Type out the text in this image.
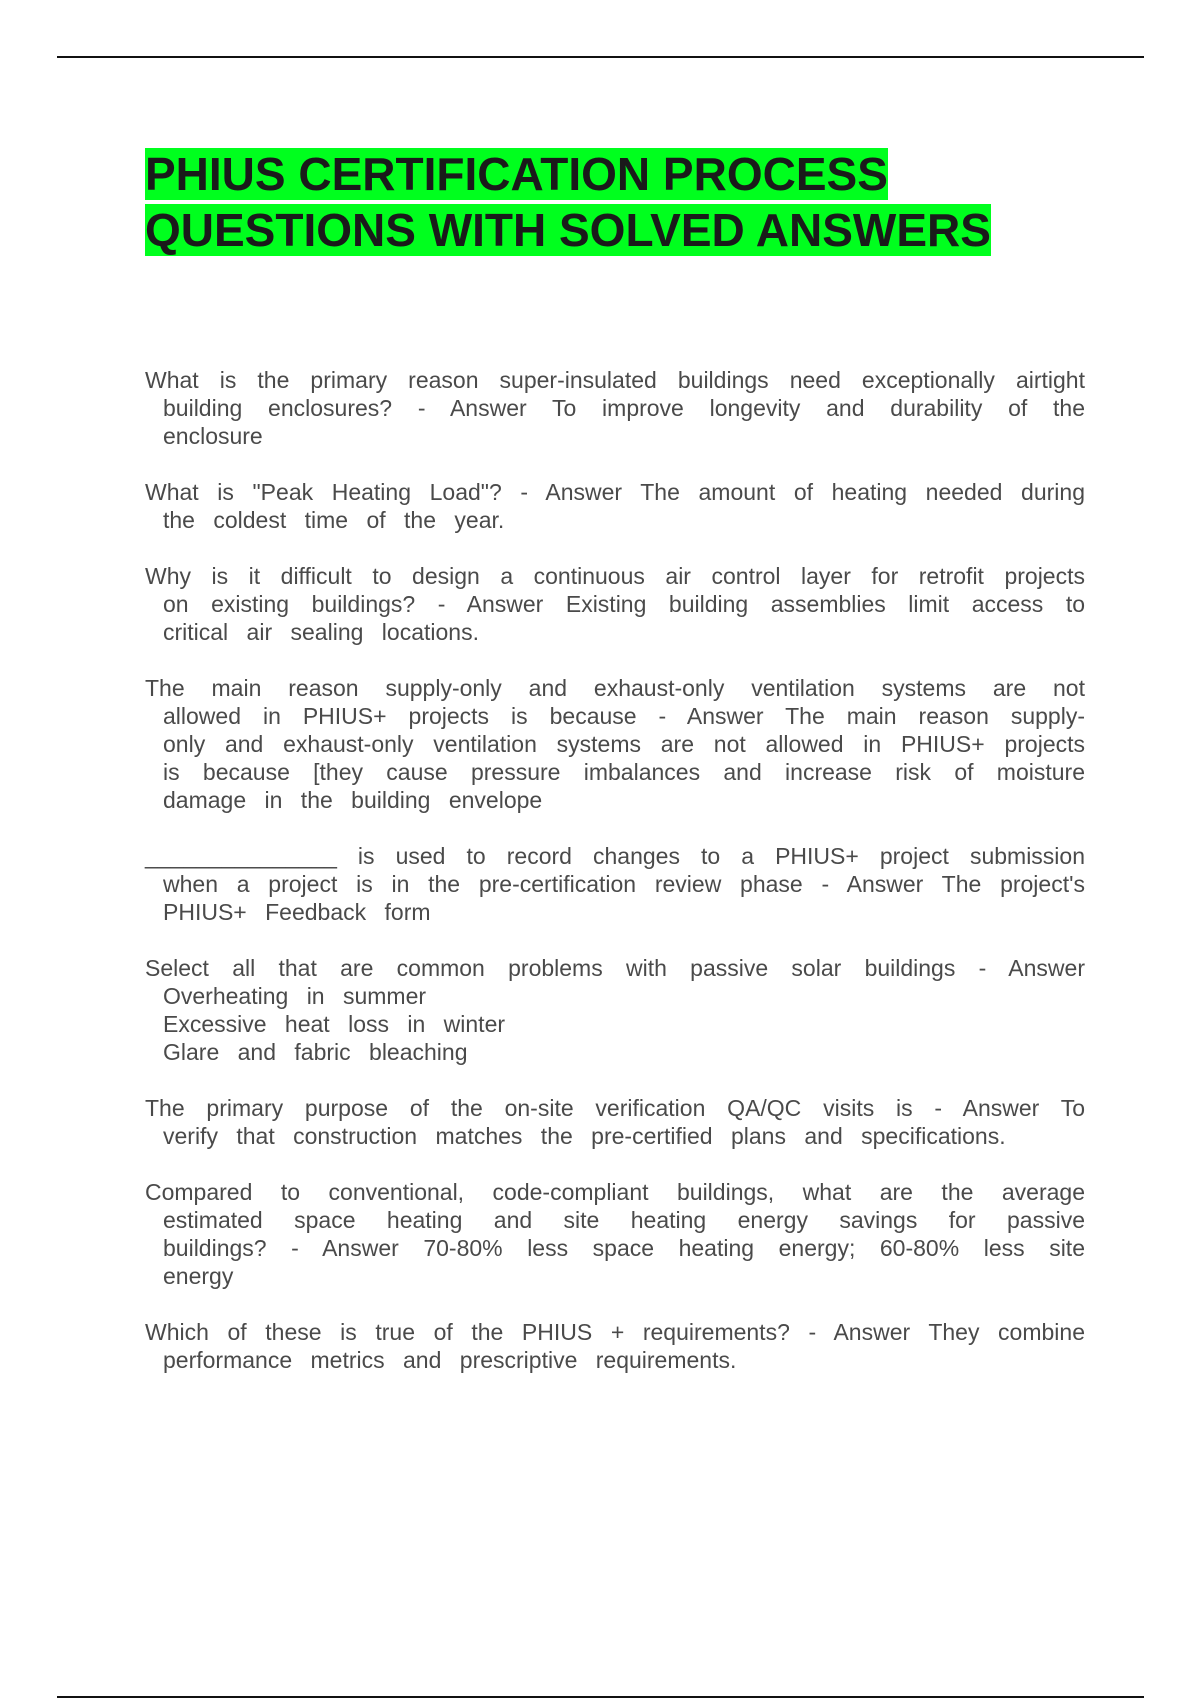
PHIUS CERTIFICATION PROCESS
QUESTIONS WITH SOLVED ANSWERS

What is the primary reason super-insulated buildings need exceptionally airtight building enclosures? - Answer To improve longevity and durability of the enclosure

What is "Peak Heating Load"? - Answer The amount of heating needed during the coldest time of the year.

Why is it difficult to design a continuous air control layer for retrofit projects on existing buildings? - Answer Existing building assemblies limit access to critical air sealing locations.

The main reason supply-only and exhaust-only ventilation systems are not allowed in PHIUS+ projects is because - Answer The main reason supply-only and exhaust-only ventilation systems are not allowed in PHIUS+ projects is because [they cause pressure imbalances and increase risk of moisture damage in the building envelope

_______________ is used to record changes to a PHIUS+ project submission when a project is in the pre-certification review phase - Answer The project's PHIUS+ Feedback form

Select all that are common problems with passive solar buildings - Answer Overheating in summer
Excessive heat loss in winter
Glare and fabric bleaching

The primary purpose of the on-site verification QA/QC visits is - Answer To verify that construction matches the pre-certified plans and specifications.

Compared to conventional, code-compliant buildings, what are the average estimated space heating and site heating energy savings for passive buildings? - Answer 70-80% less space heating energy; 60-80% less site energy

Which of these is true of the PHIUS + requirements? - Answer They combine performance metrics and prescriptive requirements.
